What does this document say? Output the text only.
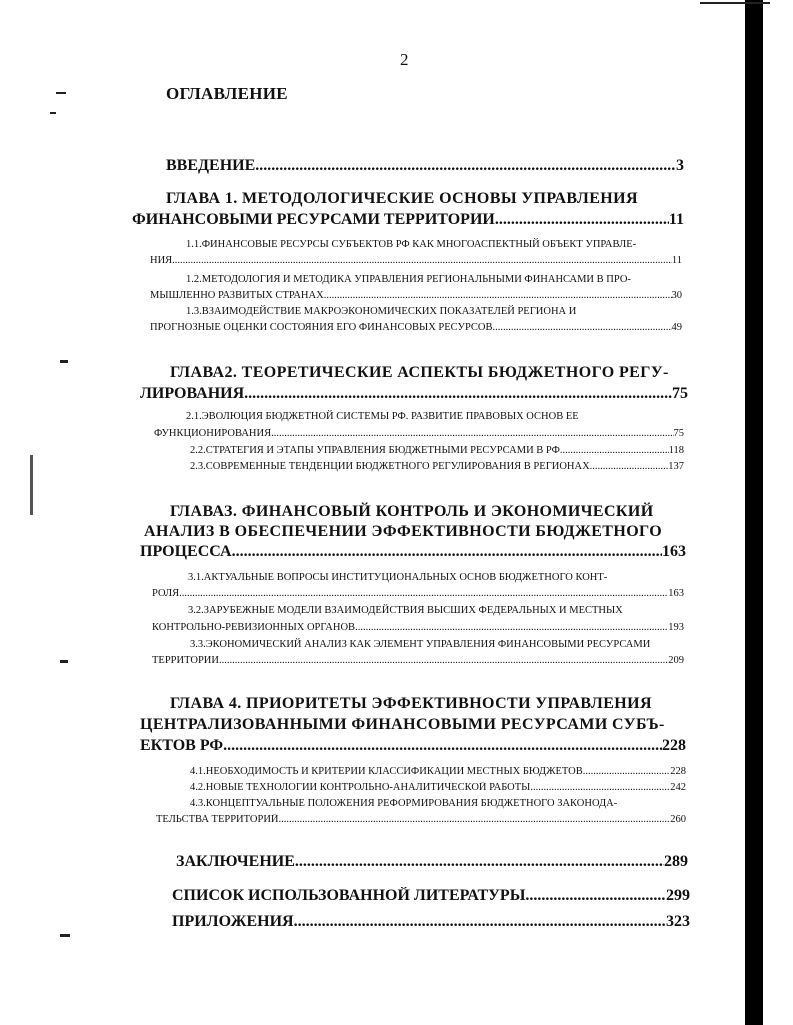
2
ОГЛАВЛЕНИЕ
ВВЕДЕНИЕ .....	3
ГЛАВА 1. МЕТОДОЛОГИЧЕСКИЕ ОСНОВЫ УПРАВЛЕНИЯ
ФИНАНСОВЫМИ РЕСУРСАМИ ТЕРРИТОРИИ .....	11
1.1.ФИНАНСОВЫЕ РЕСУРСЫ СУБЪЕКТОВ РФ КАК МНОГОАСПЕКТНЫЙ ОБЪЕКТ УПРАВЛЕ-
НИЯ .....	11
1.2.МЕТОДОЛОГИЯ И МЕТОДИКА УПРАВЛЕНИЯ РЕГИОНАЛЬНЫМИ ФИНАНСАМИ В ПРО-
МЫШЛЕННО РАЗВИТЫХ СТРАНАХ .....	30
1.3.ВЗАИМОДЕЙСТВИЕ МАКРОЭКОНОМИЧЕСКИХ ПОКАЗАТЕЛЕЙ РЕГИОНА И
ПРОГНОЗНЫЕ ОЦЕНКИ СОСТОЯНИЯ ЕГО ФИНАНСОВЫХ РЕСУРСОВ .....	49
ГЛАВА2. ТЕОРЕТИЧЕСКИЕ АСПЕКТЫ БЮДЖЕТНОГО РЕГУ-
ЛИРОВАНИЯ .....	75
2.1.ЭВОЛЮЦИЯ БЮДЖЕТНОЙ СИСТЕМЫ РФ. РАЗВИТИЕ ПРАВОВЫХ ОСНОВ ЕЕ
ФУНКЦИОНИРОВАНИЯ .....	75
2.2.СТРАТЕГИЯ И ЭТАПЫ УПРАВЛЕНИЯ БЮДЖЕТНЫМИ РЕСУРСАМИ В РФ .....	118
2.3.СОВРЕМЕННЫЕ ТЕНДЕНЦИИ БЮДЖЕТНОГО РЕГУЛИРОВАНИЯ В РЕГИОНАХ .....	137
ГЛАВАЗ. ФИНАНСОВЫЙ КОНТРОЛЬ И ЭКОНОМИЧЕСКИЙ
АНАЛИЗ В ОБЕСПЕЧЕНИИ ЭФФЕКТИВНОСТИ БЮДЖЕТНОГО
ПРОЦЕССА .....	163
3.1.АКТУАЛЬНЫЕ ВОПРОСЫ ИНСТИТУЦИОНАЛЬНЫХ ОСНОВ БЮДЖЕТНОГО КОНТ-
РОЛЯ .....	163
3.2.ЗАРУБЕЖНЫЕ МОДЕЛИ ВЗАИМОДЕЙСТВИЯ ВЫСШИХ ФЕДЕРАЛЬНЫХ И МЕСТНЫХ
КОНТРОЛЬНО-РЕВИЗИОННЫХ ОРГАНОВ .....	193
3.3.ЭКОНОМИЧЕСКИЙ АНАЛИЗ КАК ЭЛЕМЕНТ УПРАВЛЕНИЯ ФИНАНСОВЫМИ РЕСУРСАМИ
ТЕРРИТОРИИ .....	209
ГЛАВА 4. ПРИОРИТЕТЫ ЭФФЕКТИВНОСТИ УПРАВЛЕНИЯ
ЦЕНТРАЛИЗОВАННЫМИ ФИНАНСОВЫМИ РЕСУРСАМИ СУБЪ-
ЕКТОВ РФ .....	228
4.1.НЕОБХОДИМОСТЬ И КРИТЕРИИ КЛАССИФИКАЦИИ МЕСТНЫХ БЮДЖЕТОВ .....	228
4.2.НОВЫЕ ТЕХНОЛОГИИ КОНТРОЛЬНО-АНАЛИТИЧЕСКОЙ РАБОТЫ .....	242
4.3.КОНЦЕПТУАЛЬНЫЕ ПОЛОЖЕНИЯ РЕФОРМИРОВАНИЯ БЮДЖЕТНОГО ЗАКОНОДА-
ТЕЛЬСТВА ТЕРРИТОРИЙ .....	260
ЗАКЛЮЧЕНИЕ .....	289
СПИСОК ИСПОЛЬЗОВАННОЙ ЛИТЕРАТУРЫ .....	299
ПРИЛОЖЕНИЯ .....	323
